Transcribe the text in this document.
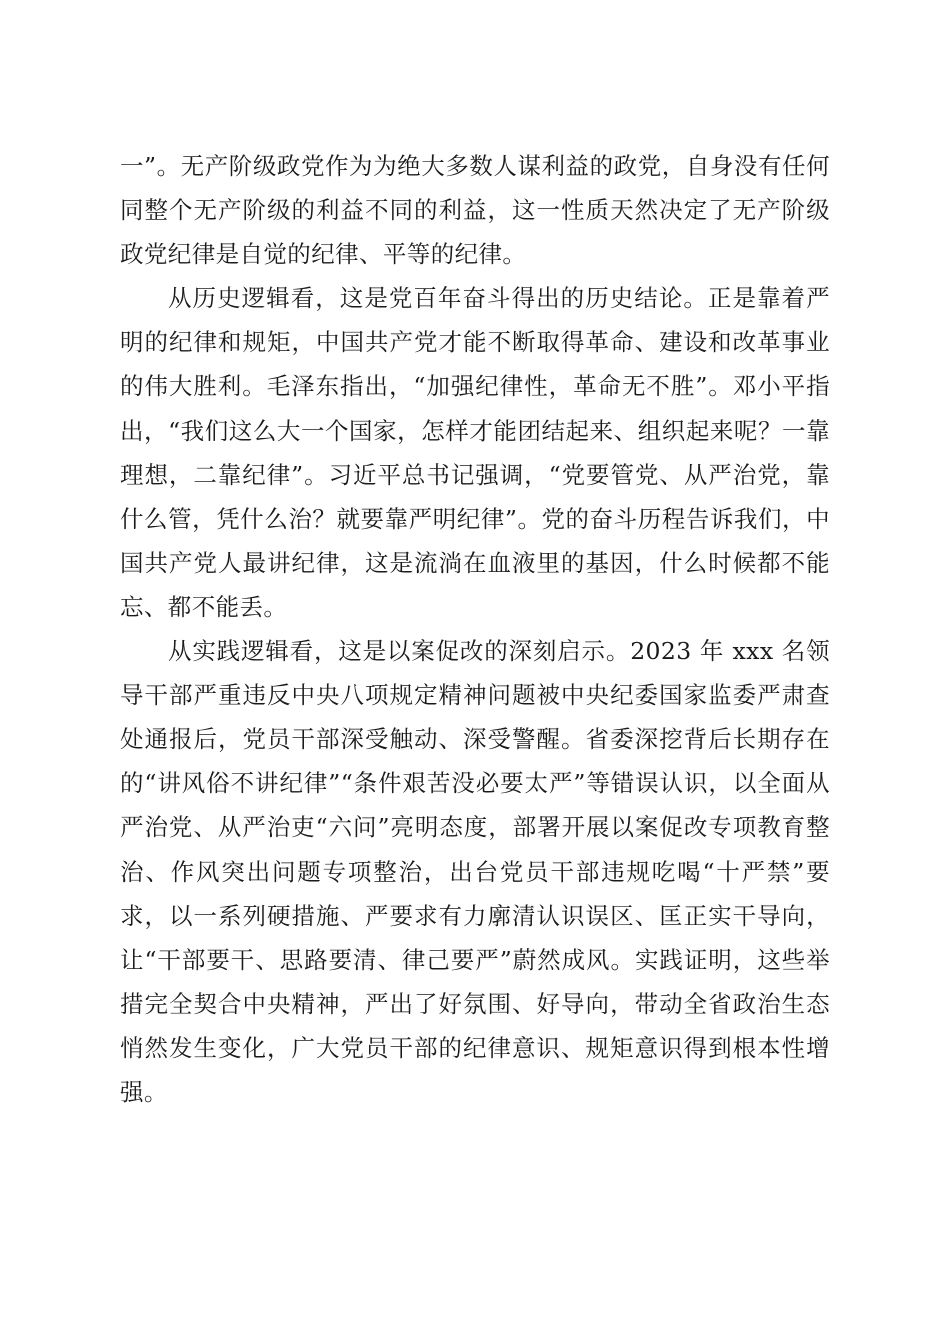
一”。无产阶级政党作为为绝大多数人谋利益的政党，自身没有任何同整个无产阶级的利益不同的利益，这一性质天然决定了无产阶级政党纪律是自觉的纪律、平等的纪律。

从历史逻辑看，这是党百年奋斗得出的历史结论。正是靠着严明的纪律和规矩，中国共产党才能不断取得革命、建设和改革事业的伟大胜利。毛泽东指出，“加强纪律性，革命无不胜”。邓小平指出，“我们这么大一个国家，怎样才能团结起来、组织起来呢？一靠理想，二靠纪律”。习近平总书记强调，“党要管党、从严治党，靠什么管，凭什么治？就要靠严明纪律”。党的奋斗历程告诉我们，中国共产党人最讲纪律，这是流淌在血液里的基因，什么时候都不能忘、都不能丢。

从实践逻辑看，这是以案促改的深刻启示。2023 年 xxx 名领导干部严重违反中央八项规定精神问题被中央纪委国家监委严肃查处通报后，党员干部深受触动、深受警醒。省委深挖背后长期存在的“讲风俗不讲纪律”“条件艰苦没必要太严”等错误认识，以全面从严治党、从严治吏“六问”亮明态度，部署开展以案促改专项教育整治、作风突出问题专项整治，出台党员干部违规吃喝“十严禁”要求，以一系列硬措施、严要求有力廓清认识误区、匡正实干导向，让“干部要干、思路要清、律己要严”蔚然成风。实践证明，这些举措完全契合中央精神，严出了好氛围、好导向，带动全省政治生态悄然发生变化，广大党员干部的纪律意识、规矩意识得到根本性增强。
